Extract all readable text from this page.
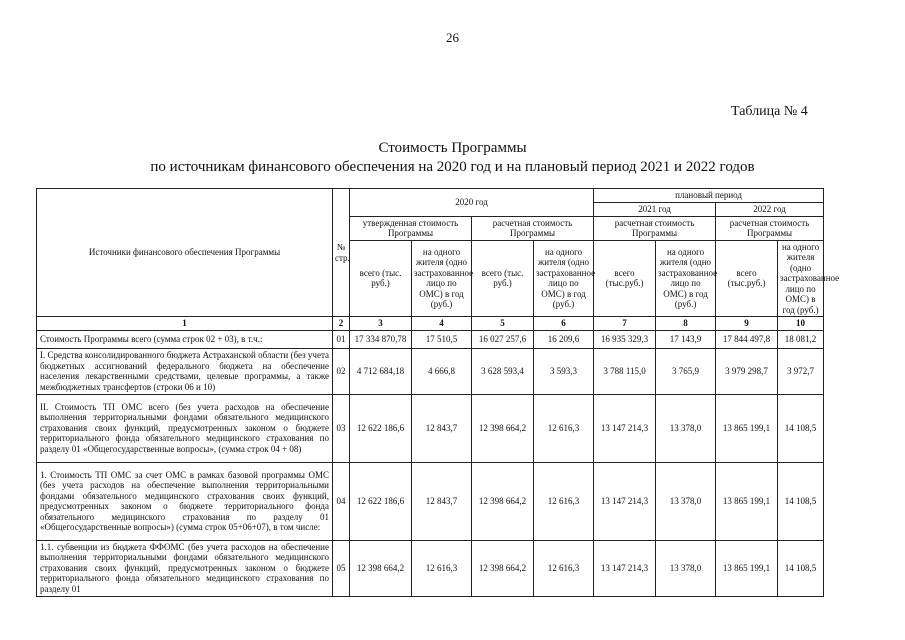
26
Таблица № 4
Стоимость Программы
по источникам финансового обеспечения на 2020 год и на плановый период 2021 и 2022 годов
Источники финансового обеспечения Программы	№ стр.	2020 год				плановый период			
						2021 год		2022 год	
		утвержденная стоимость Программы		расчетная стоимость Программы		расчетная стоимость Программы		расчетная стоимость Программы	
		всего (тыс. руб.)	на одного жителя (одно застрахованное лицо по ОМС) в год (руб.)	всего (тыс. руб.)	на одного жителя (одно застрахованное лицо по ОМС) в год (руб.)	всего (тыс.руб.)	на одного жителя (одно застрахованное лицо по ОМС) в год (руб.)	всего (тыс.руб.)	на одного жителя (одно застрахованное лицо по ОМС) в год (руб.)
1	2	3	4	5	6	7	8	9	10
Стоимость Программы всего (сумма строк 02 + 03), в т.ч.:	01	17 334 870,78	17 510,5	16 027 257,6	16 209,6	16 935 329,3	17 143,9	17 844 497,8	18 081,2
I. Средства консолидированного бюджета Астраханской области (без учета бюджетных ассигнований федерального бюджета на обеспечение населения лекарственными средствами, целевые программы, а также межбюджетных трансфертов (строки 06 и 10)	02	4 712 684,18	4 666,8	3 628 593,4	3 593,3	3 788 115,0	3 765,9	3 979 298,7	3 972,7
II. Стоимость ТП ОМС всего (без учета расходов на обеспечение выполнения территориальными фондами обязательного медицинского страхования своих функций, предусмотренных законом о бюджете территориального фонда обязательного медицинского страхования по разделу 01 «Общегосударственные вопросы», (сумма строк 04 + 08)	03	12 622 186,6	12 843,7	12 398 664,2	12 616,3	13 147 214,3	13 378,0	13 865 199,1	14 108,5
1. Стоимость ТП ОМС за счет ОМС в рамках базовой программы ОМС (без учета расходов на обеспечение выполнения территориальными фондами обязательного медицинского страхования своих функций, предусмотренных законом о бюджете территориального фонда обязательного медицинского страхования по разделу 01 «Общегосударственные вопросы») (сумма строк 05+06+07), в том числе:	04	12 622 186,6	12 843,7	12 398 664,2	12 616,3	13 147 214,3	13 378,0	13 865 199,1	14 108,5
1.1. субвенции из бюджета ФФОМС (без учета расходов на обеспечение выполнения территориальными фондами обязательного медицинского страхования своих функций, предусмотренных законом о бюджете территориального фонда обязательного медицинского страхования по разделу 01	05	12 398 664,2	12 616,3	12 398 664,2	12 616,3	13 147 214,3	13 378,0	13 865 199,1	14 108,5
